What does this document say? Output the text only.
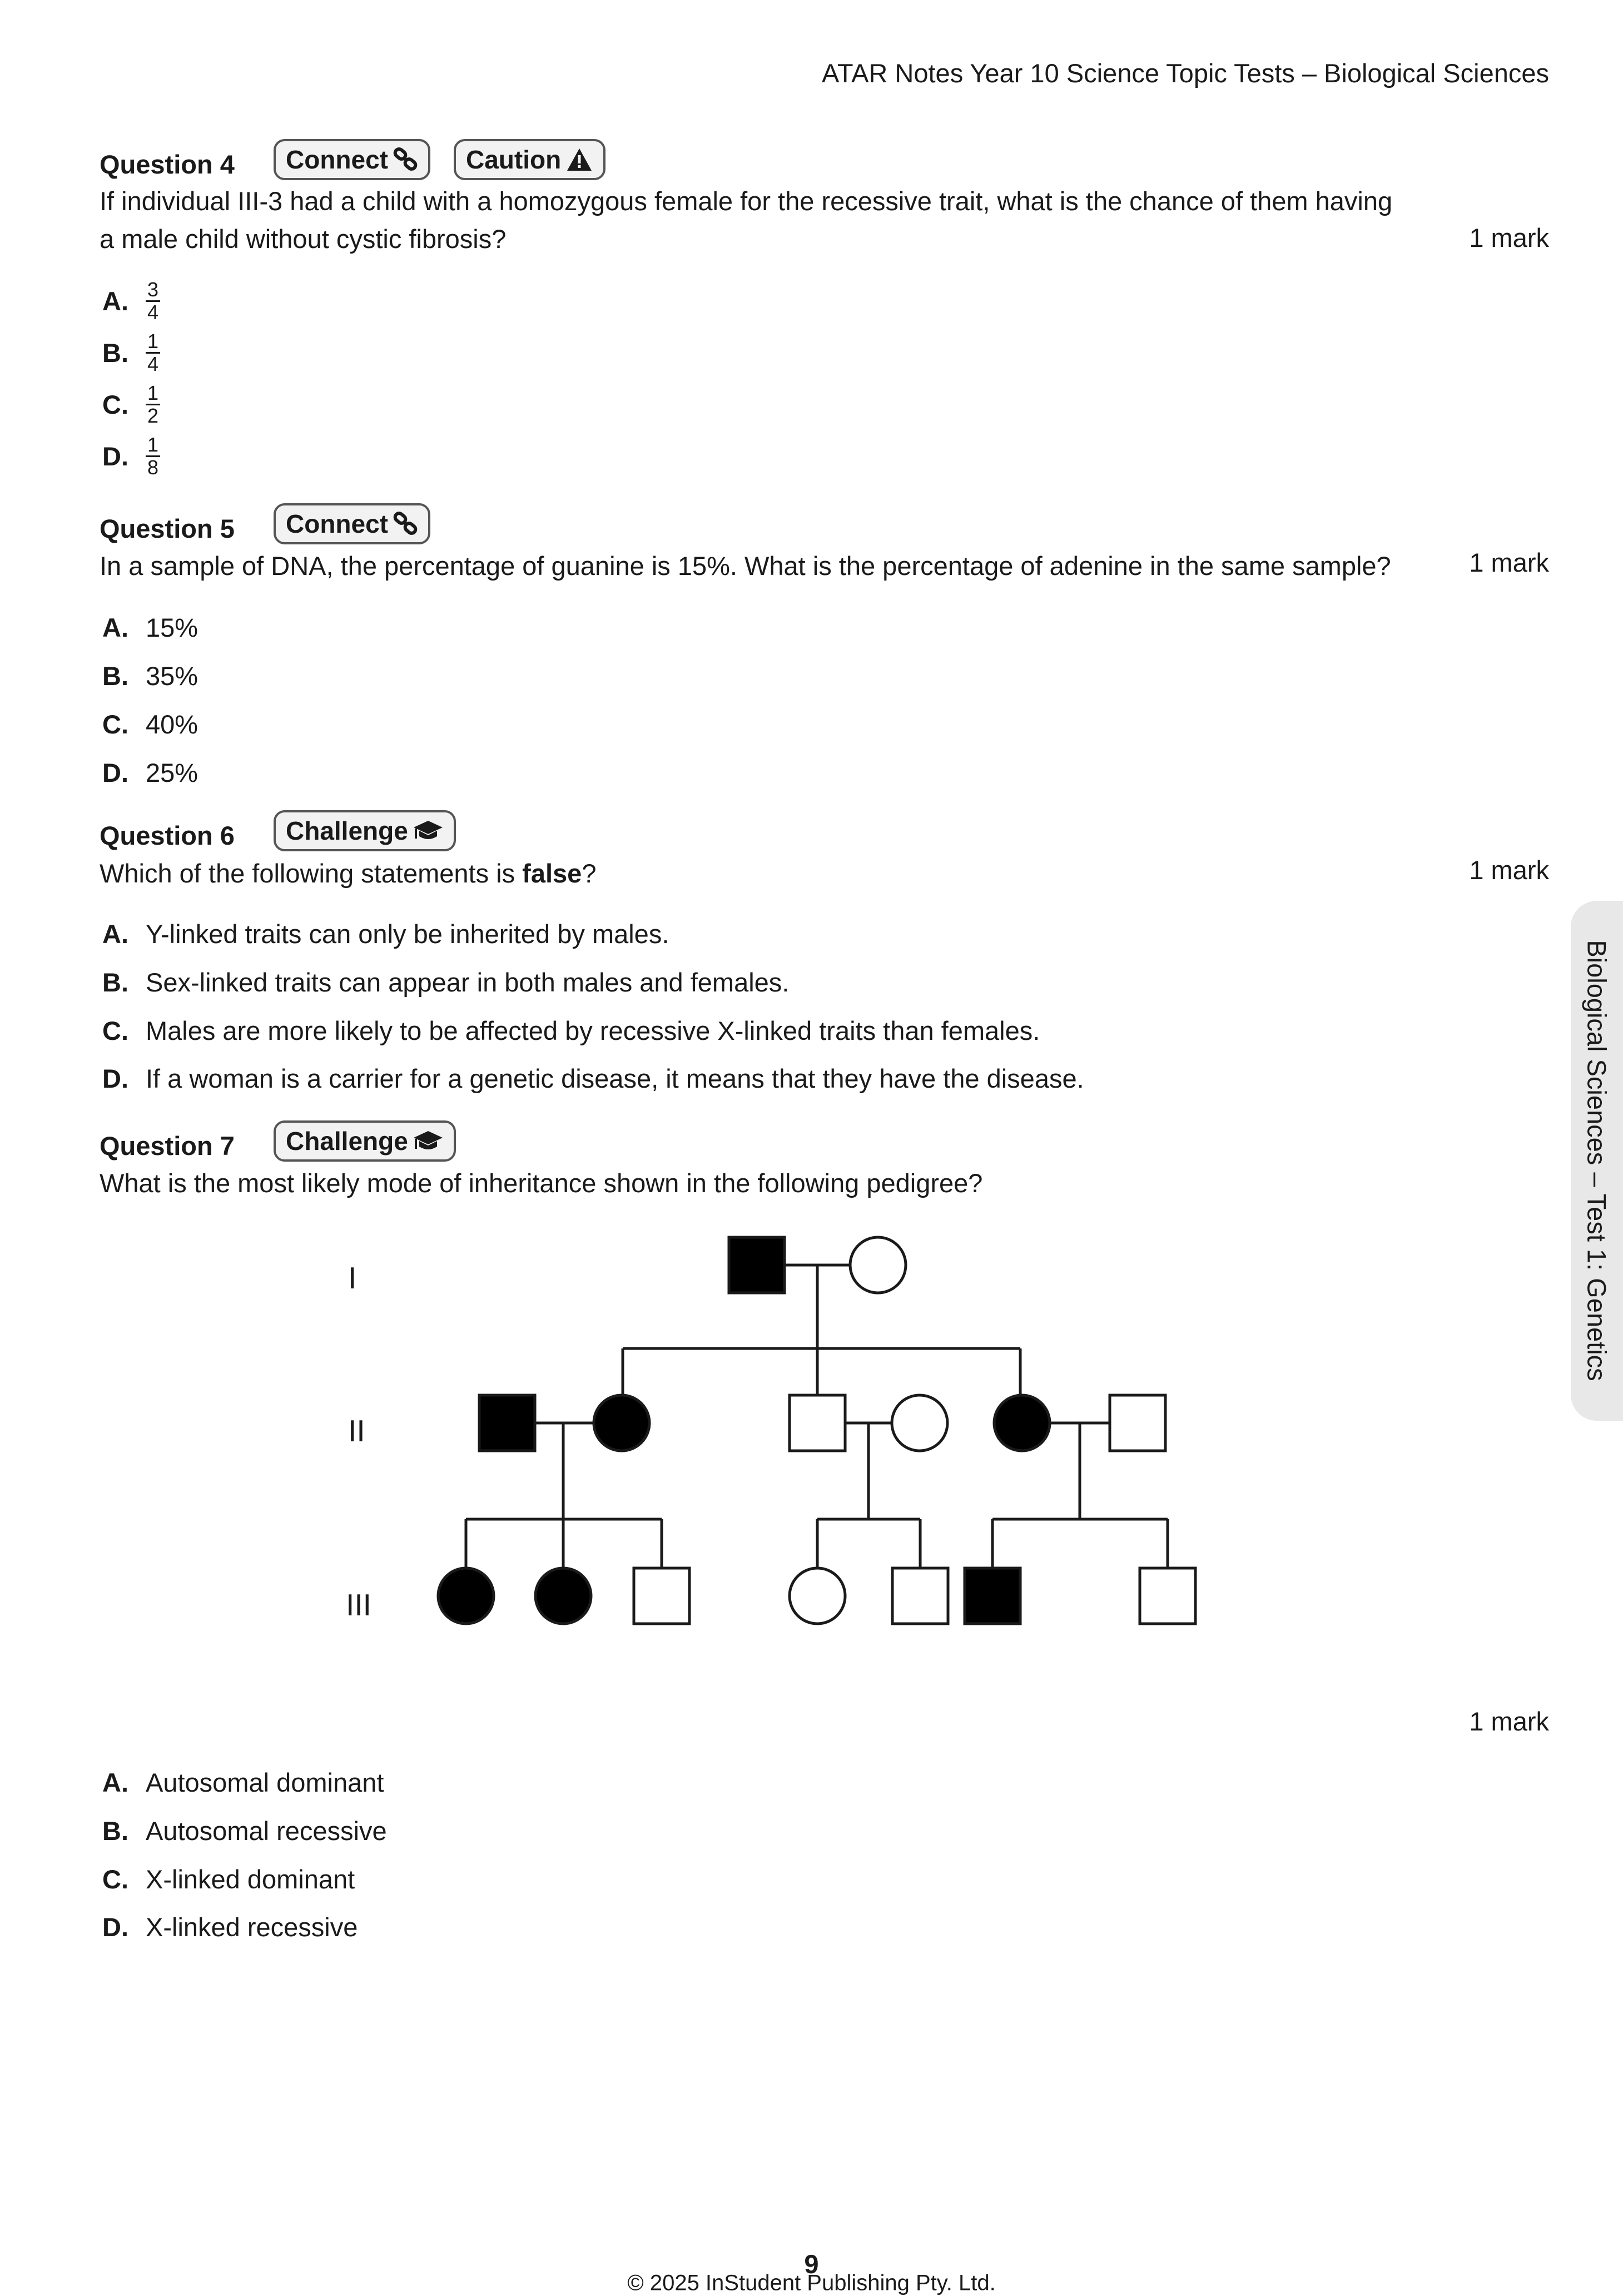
ATAR Notes Year 10 Science Topic Tests – Biological Sciences
Biological Sciences – Test 1: Genetics
Question 4 Connect	Caution
If individual III-3 had a child with a homozygous female for the recessive trait, what is the chance of them having
a male child without cystic fibrosis?	1 mark
A. $\frac{3}{4}$
B. $\frac{1}{4}$
C. $\frac{1}{2}$
D. $\frac{1}{8}$
Question 5 Connect
In a sample of DNA, the percentage of guanine is 15%. What is the percentage of adenine in the same sample?	1 mark
A. 15%
B. 35%
C. 40%
D. 25%
Question 6 Challenge
Which of the following statements is false?	1 mark
A. Y-linked traits can only be inherited by males.
B. Sex-linked traits can appear in both males and females.
C. Males are more likely to be affected by recessive X-linked traits than females.
D. If a woman is a carrier for a genetic disease, it means that they have the disease.
Question 7 Challenge
What is the most likely mode of inheritance shown in the following pedigree?
I
II
III
1 mark
A. Autosomal dominant
B. Autosomal recessive
C. X-linked dominant
D. X-linked recessive
9
© 2025 InStudent Publishing Pty. Ltd.
